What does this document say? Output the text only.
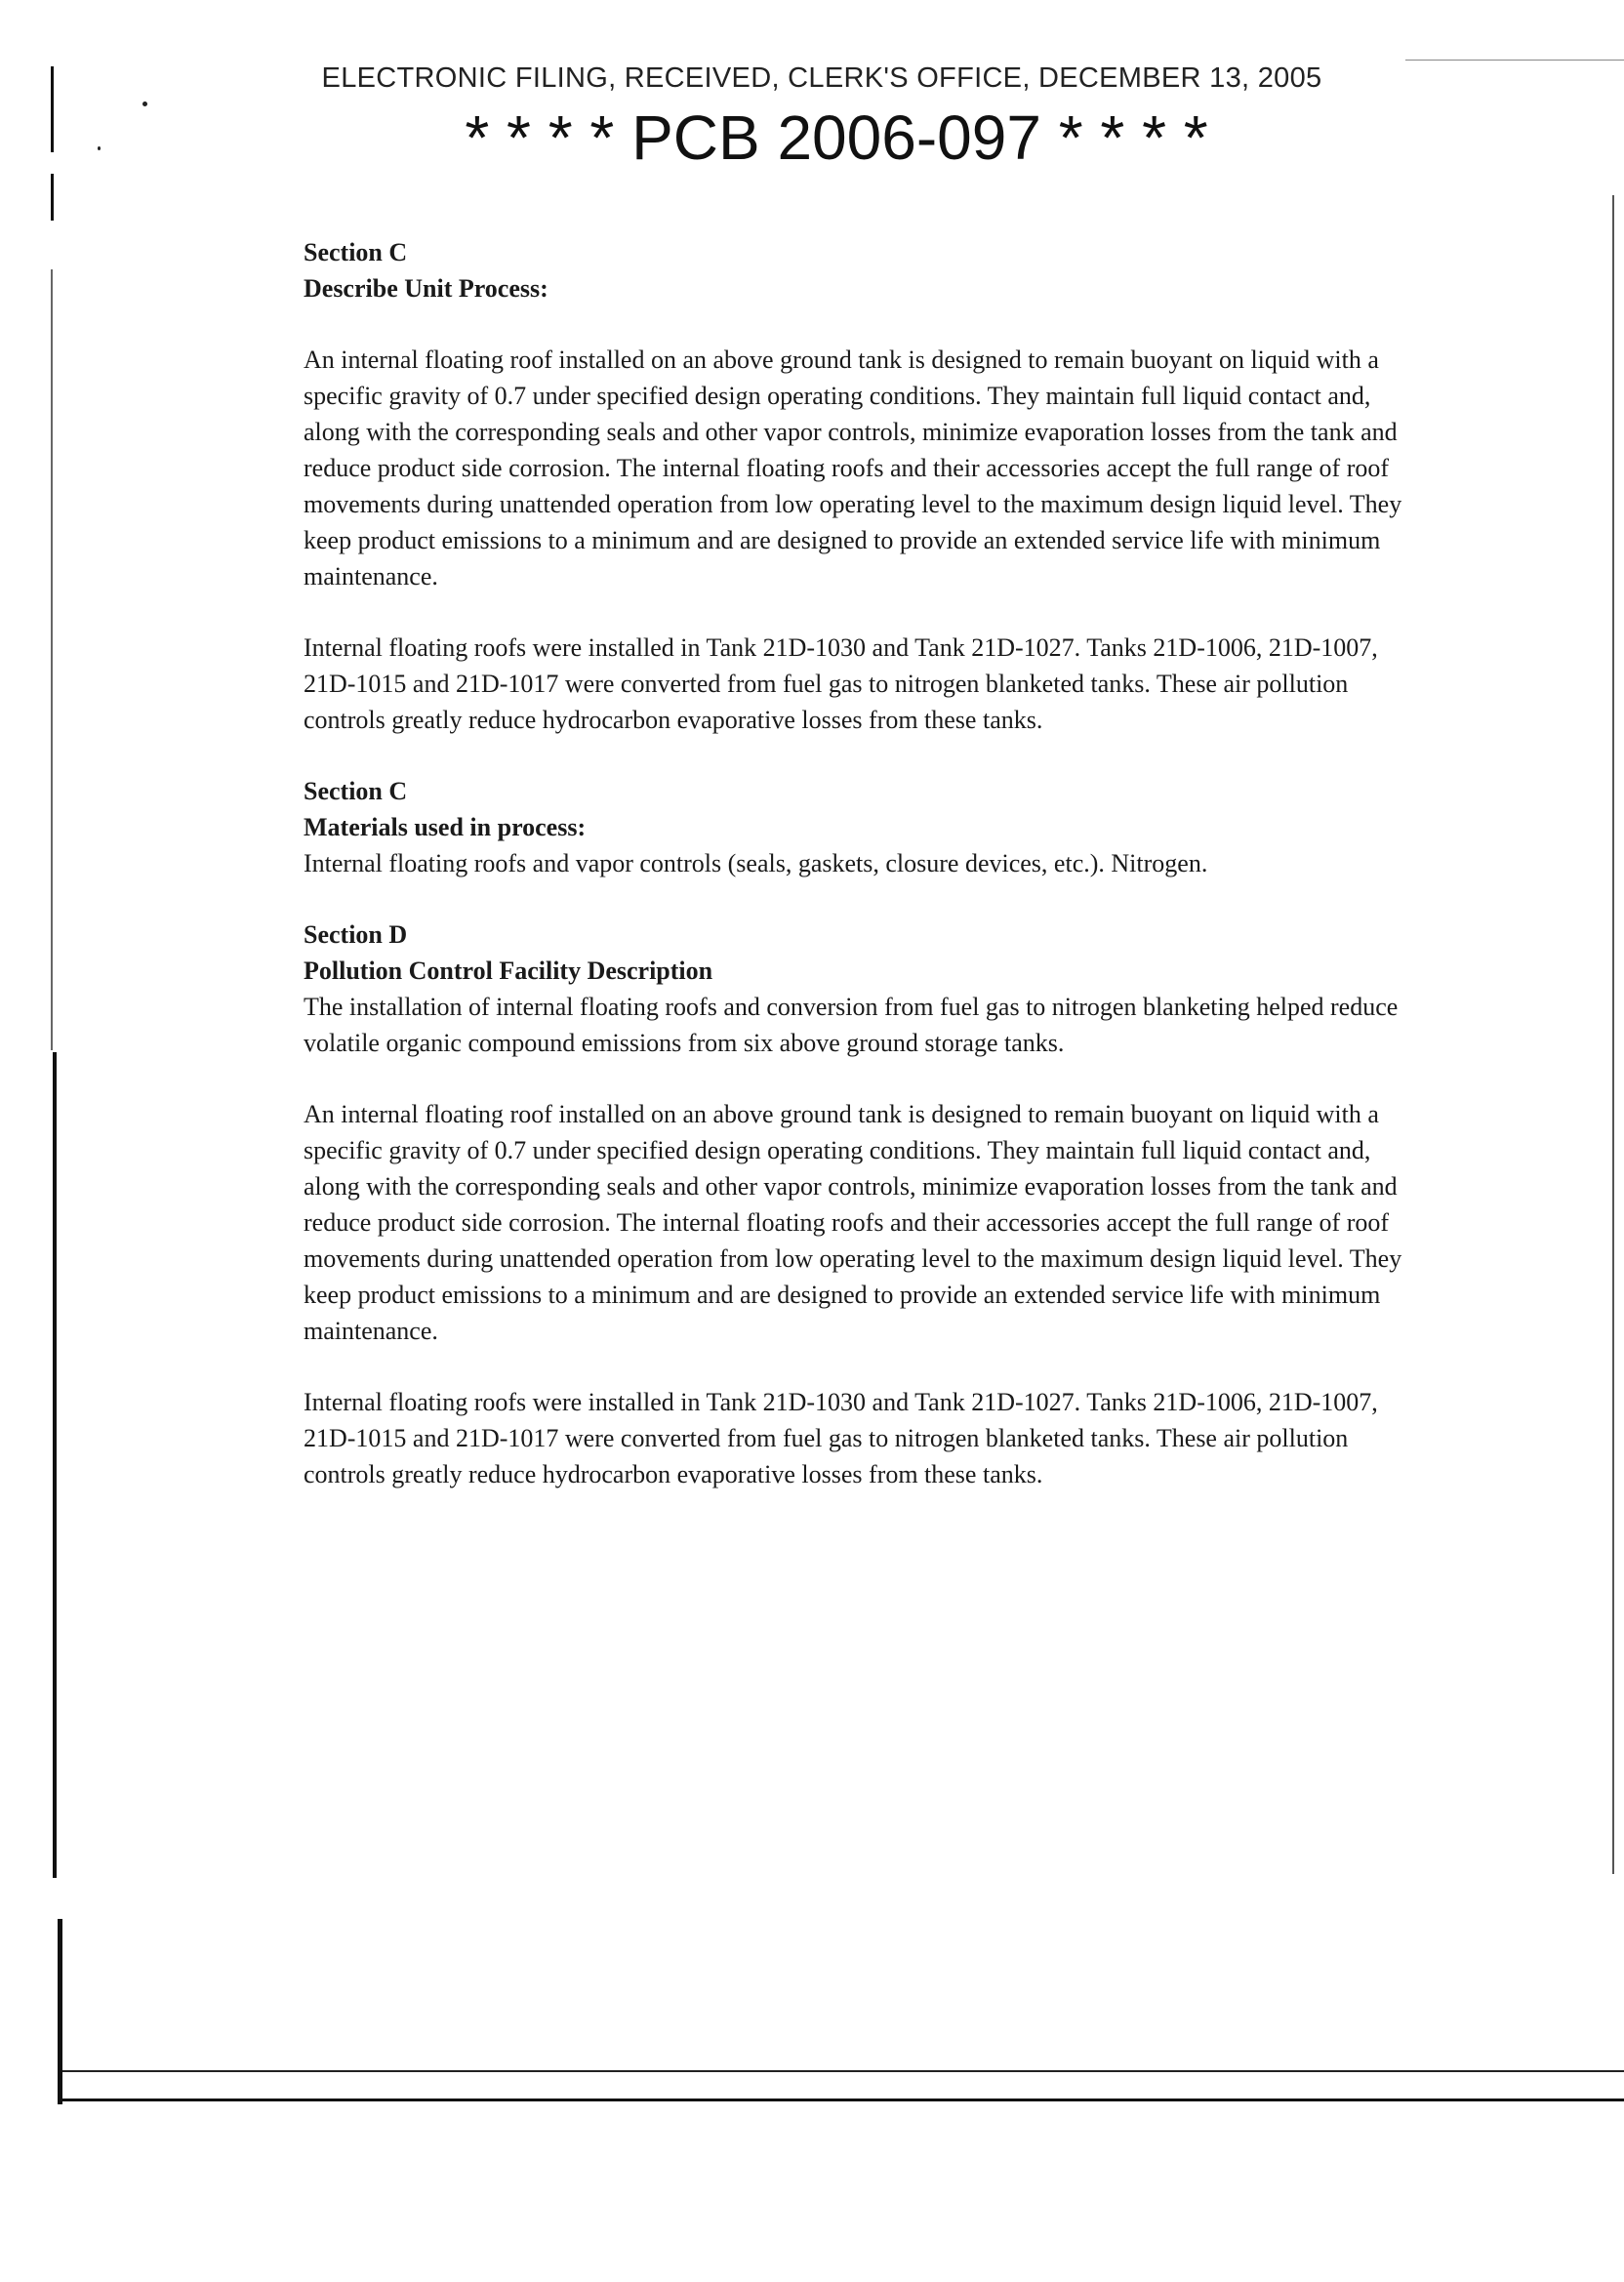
ELECTRONIC FILING, RECEIVED, CLERK'S OFFICE, DECEMBER 13, 2005
* * * * PCB 2006-097 * * * *

Section C

Describe Unit Process:

An internal floating roof installed on an above ground tank is designed to remain buoyant on liquid with a specific gravity of 0.7 under specified design operating conditions. They maintain full liquid contact and, along with the corresponding seals and other vapor controls, minimize evaporation losses from the tank and reduce product side corrosion. The internal floating roofs and their accessories accept the full range of roof movements during unattended operation from low operating level to the maximum design liquid level. They keep product emissions to a minimum and are designed to provide an extended service life with minimum maintenance.

Internal floating roofs were installed in Tank 21D-1030 and Tank 21D-1027. Tanks 21D-1006, 21D-1007, 21D-1015 and 21D-1017 were converted from fuel gas to nitrogen blanketed tanks. These air pollution controls greatly reduce hydrocarbon evaporative losses from these tanks.

Section C

Materials used in process:

Internal floating roofs and vapor controls (seals, gaskets, closure devices, etc.). Nitrogen.

Section D

Pollution Control Facility Description

The installation of internal floating roofs and conversion from fuel gas to nitrogen blanketing helped reduce volatile organic compound emissions from six above ground storage tanks.

An internal floating roof installed on an above ground tank is designed to remain buoyant on liquid with a specific gravity of 0.7 under specified design operating conditions. They maintain full liquid contact and, along with the corresponding seals and other vapor controls, minimize evaporation losses from the tank and reduce product side corrosion. The internal floating roofs and their accessories accept the full range of roof movements during unattended operation from low operating level to the maximum design liquid level. They keep product emissions to a minimum and are designed to provide an extended service life with minimum maintenance.

Internal floating roofs were installed in Tank 21D-1030 and Tank 21D-1027. Tanks 21D-1006, 21D-1007, 21D-1015 and 21D-1017 were converted from fuel gas to nitrogen blanketed tanks. These air pollution controls greatly reduce hydrocarbon evaporative losses from these tanks.
